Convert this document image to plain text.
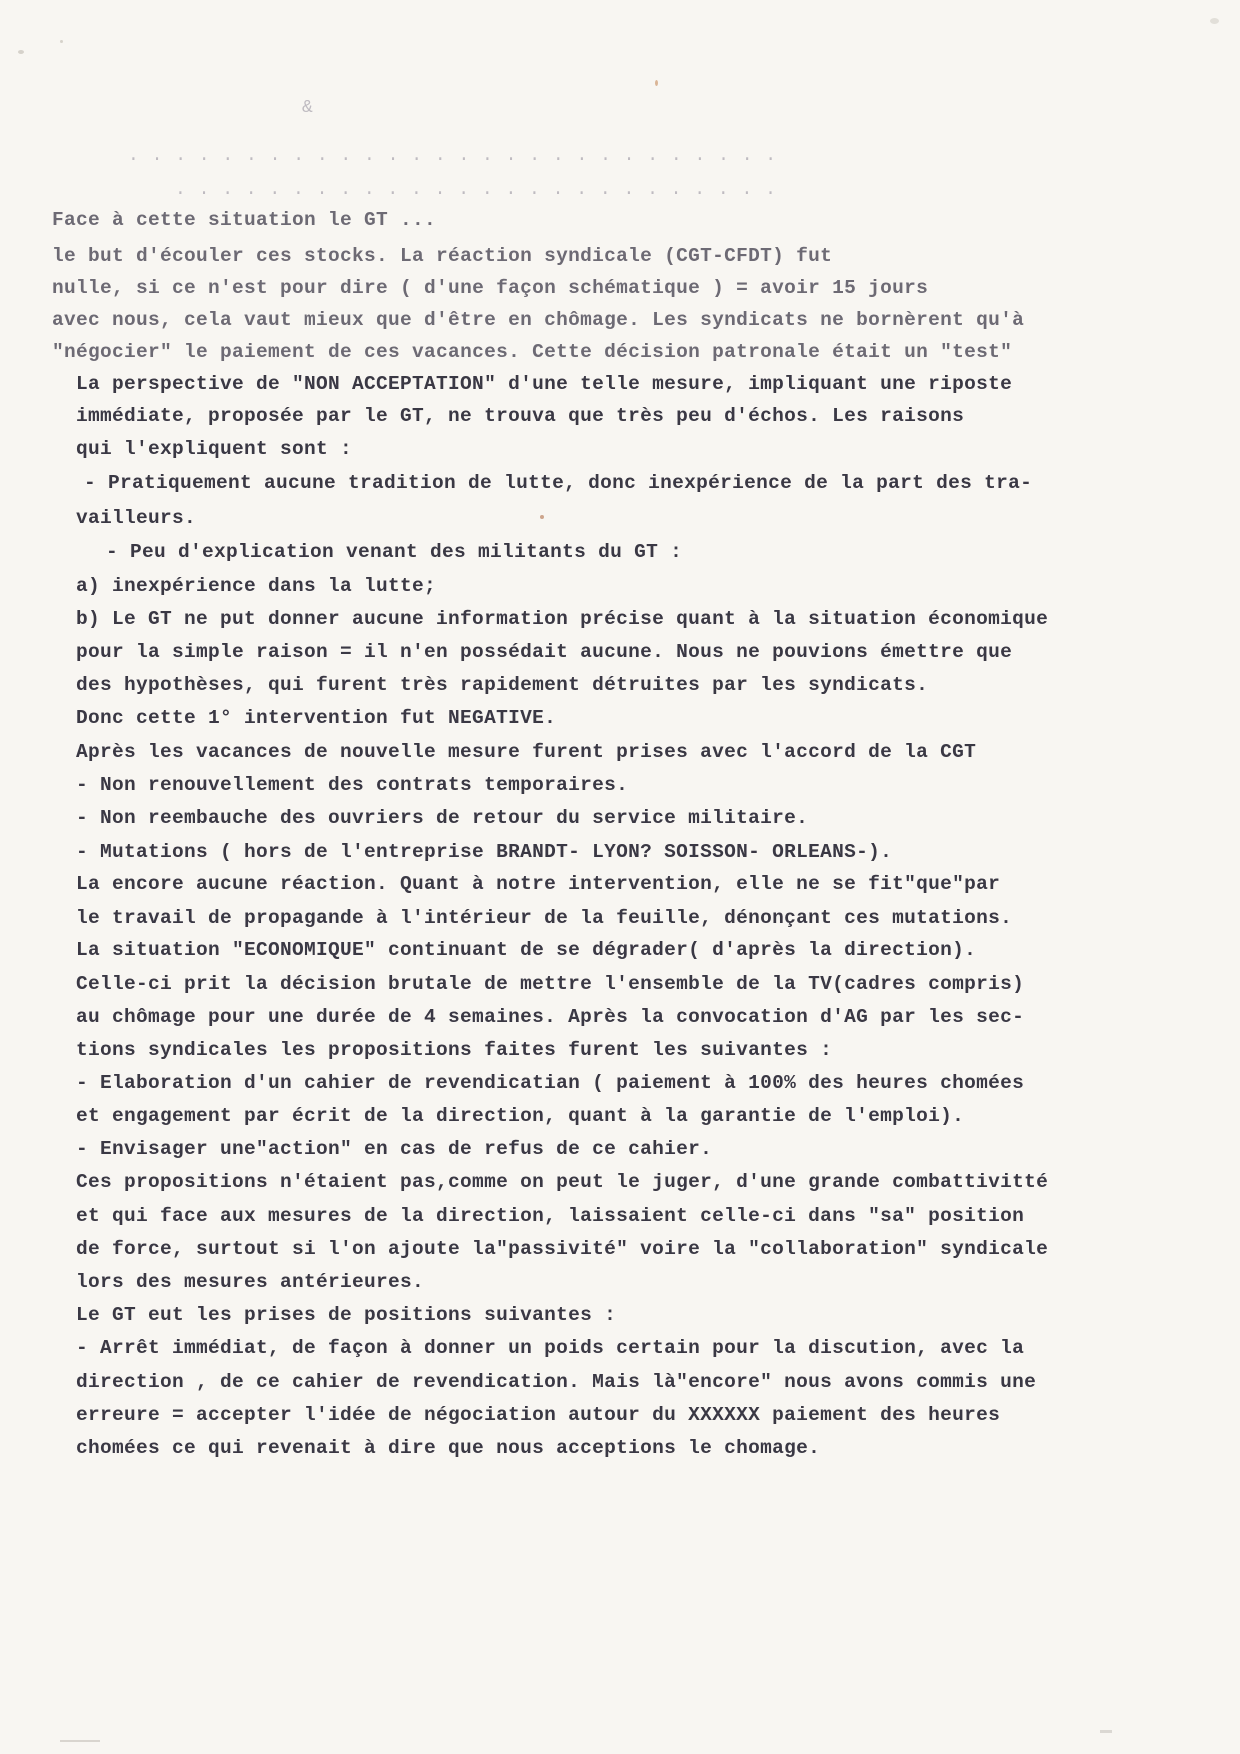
&
. . . . . . . . . . . . . . . . . . . . . . . . . . . .
. . . . . . . . . . . . . . . . . . . . . . . . . .
Face à cette situation le GT ...
le but d'écouler ces stocks. La réaction syndicale (CGT-CFDT) fut
nulle, si ce n'est pour dire ( d'une façon schématique ) = avoir 15 jours
avec nous, cela vaut mieux que d'être en chômage. Les syndicats ne bornèrent qu'à
"négocier" le paiement de ces vacances. Cette décision patronale était un "test"
La perspective de "NON ACCEPTATION" d'une telle mesure, impliquant une riposte
immédiate, proposée par le GT, ne trouva que très peu d'échos. Les raisons
qui l'expliquent sont :
- Pratiquement aucune tradition de lutte, donc inexpérience de la part des tra-
vailleurs.
- Peu d'explication venant des militants du GT :
a) inexpérience dans la lutte;
b) Le GT ne put donner aucune information précise quant à la situation économique
pour la simple raison = il n'en possédait aucune. Nous ne pouvions émettre que
des hypothèses, qui furent très rapidement détruites par les syndicats.
Donc cette 1° intervention fut NEGATIVE.
Après les vacances de nouvelle mesure furent prises avec l'accord de la CGT
- Non renouvellement des contrats temporaires.
- Non reembauche des ouvriers de retour du service militaire.
- Mutations ( hors de l'entreprise BRANDT- LYON? SOISSON- ORLEANS-).
La encore aucune réaction. Quant à notre intervention, elle ne se fit"que"par
le travail de propagande à l'intérieur de la feuille, dénonçant ces mutations.
La situation "ECONOMIQUE" continuant de se dégrader( d'après la direction).
Celle-ci prit la décision brutale de mettre l'ensemble de la TV(cadres compris)
au chômage pour une durée de 4 semaines. Après la convocation d'AG par les sec-
tions syndicales les propositions faites furent les suivantes :
- Elaboration d'un cahier de revendicatian ( paiement à 100% des heures chomées
et engagement par écrit de la direction, quant à la garantie de l'emploi).
- Envisager une"action" en cas de refus de ce cahier.
Ces propositions n'étaient pas,comme on peut le juger, d'une grande combattivitté
et qui face aux mesures de la direction, laissaient celle-ci dans "sa" position
de force, surtout si l'on ajoute la"passivité" voire la "collaboration" syndicale
lors des mesures antérieures.
Le GT eut les prises de positions suivantes :
- Arrêt immédiat, de façon à donner un poids certain pour la discution, avec la
direction , de ce cahier de revendication. Mais là"encore" nous avons commis une
erreure = accepter l'idée de négociation autour du XXXXXX paiement des heures
chomées ce qui revenait à dire que nous acceptions le chomage.
